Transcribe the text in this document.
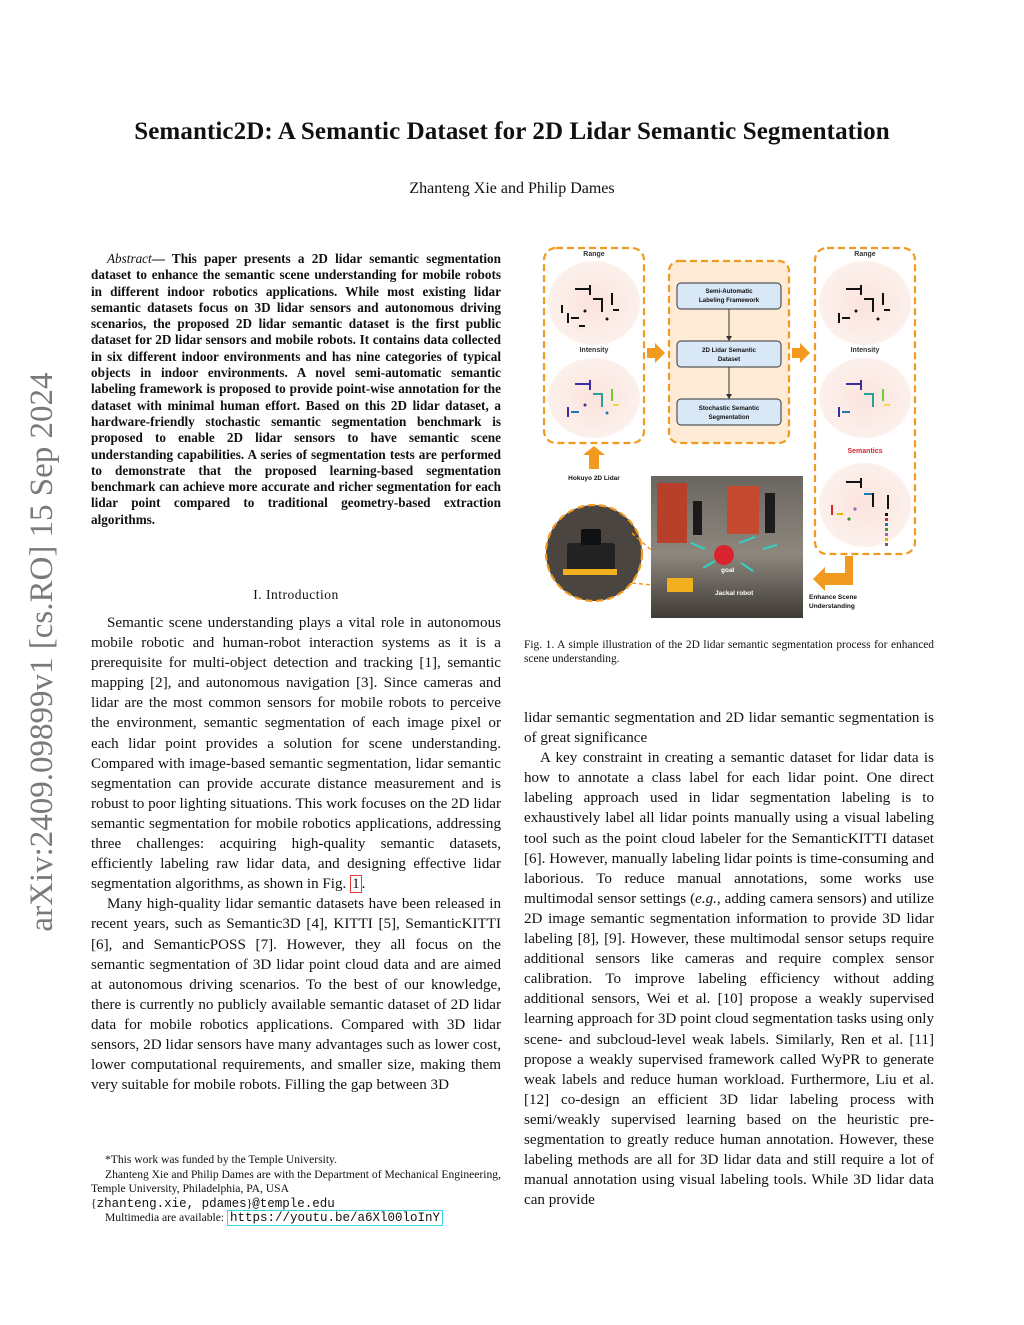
arXiv:2409.09899v1 [cs.RO] 15 Sep 2024
Semantic2D: A Semantic Dataset for 2D Lidar Semantic Segmentation
Zhanteng Xie and Philip Dames
Abstract— This paper presents a 2D lidar semantic segmentation dataset to enhance the semantic scene understanding for mobile robots in different indoor robotics applications. While most existing lidar semantic datasets focus on 3D lidar sensors and autonomous driving scenarios, the proposed 2D lidar semantic dataset is the first public dataset for 2D lidar sensors and mobile robots. It contains data collected in six different indoor environments and has nine categories of typical objects in indoor environments. A novel semi-automatic semantic labeling framework is proposed to provide point-wise annotation for the dataset with minimal human effort. Based on this 2D lidar dataset, a hardware-friendly stochastic semantic segmentation benchmark is proposed to enable 2D lidar sensors to have semantic scene understanding capabilities. A series of segmentation tests are performed to demonstrate that the proposed learning-based segmentation benchmark can achieve more accurate and richer segmentation for each lidar point compared to traditional geometry-based extraction algorithms.
I. Introduction

Semantic scene understanding plays a vital role in autonomous mobile robotic and human-robot interaction systems as it is a prerequisite for multi-object detection and tracking [1], semantic mapping [2], and autonomous navigation [3]. Since cameras and lidar are the most common sensors for mobile robots to perceive the environment, semantic segmentation of each image pixel or each lidar point provides a solution for scene understanding. Compared with image-based semantic segmentation, lidar semantic segmentation can provide accurate distance measurement and is robust to poor lighting situations. This work focuses on the 2D lidar semantic segmentation for mobile robotics applications, addressing three challenges: acquiring high-quality semantic datasets, efficiently labeling raw lidar data, and designing effective lidar segmentation algorithms, as shown in Fig. 1 .

Many high-quality lidar semantic datasets have been released in recent years, such as Semantic3D [4], KITTI [5], SemanticKITTI [6], and SemanticPOSS [7]. However, they all focus on the semantic segmentation of 3D lidar point cloud data and are aimed at autonomous driving scenarios. To the best of our knowledge, there is currently no publicly available semantic dataset of 2D lidar data for mobile robotics applications. Compared with 3D lidar sensors, 2D lidar sensors have many advantages such as lower cost, lower computational requirements, and smaller size, making them very suitable for mobile robots. Filling the gap between 3D

*This work was funded by the Temple University.

Zhanteng Xie and Philip Dames are with the Department of Mechanical Engineering, Temple University, Philadelphia, PA, USA
{zhanteng.xie, pdames}@temple.edu

Multimedia are available: https://youtu.be/a6Xl00loInY

Range
Intensity
Semi-Automatic
Labeling Framework
2D Lidar Semantic
Dataset
Stochastic Semantic
Segmentation
Range
Intensity
Semantics
Enhance Scene
Understanding
Hokuyo 2D Lidar
goal
Jackal robot
Fig. 1. A simple illustration of the 2D lidar semantic segmentation process for enhanced scene understanding.

lidar semantic segmentation and 2D lidar semantic segmentation is of great significance

A key constraint in creating a semantic dataset for lidar data is how to annotate a class label for each lidar point. One direct labeling approach used in lidar segmentation labeling is to exhaustively label all lidar points manually using a visual labeling tool such as the point cloud labeler for the SemanticKITTI dataset [6]. However, manually labeling lidar points is time-consuming and laborious. To reduce manual annotations, some works use multimodal sensor settings (e.g., adding camera sensors) and utilize 2D image semantic segmentation information to provide 3D lidar labeling [8], [9]. However, these multimodal sensor setups require additional sensors like cameras and require complex sensor calibration. To improve labeling efficiency without adding additional sensors, Wei et al. [10] propose a weakly supervised learning approach for 3D point cloud segmentation tasks using only scene- and subcloud-level weak labels. Similarly, Ren et al. [11] propose a weakly supervised framework called WyPR to generate weak labels and reduce human workload. Furthermore, Liu et al. [12] co-design an efficient 3D lidar labeling process with semi/weakly supervised learning based on the heuristic pre-segmentation to greatly reduce human annotation. However, these labeling methods are all for 3D lidar data and still require a lot of manual annotation using visual labeling tools. While 3D lidar data can provide
